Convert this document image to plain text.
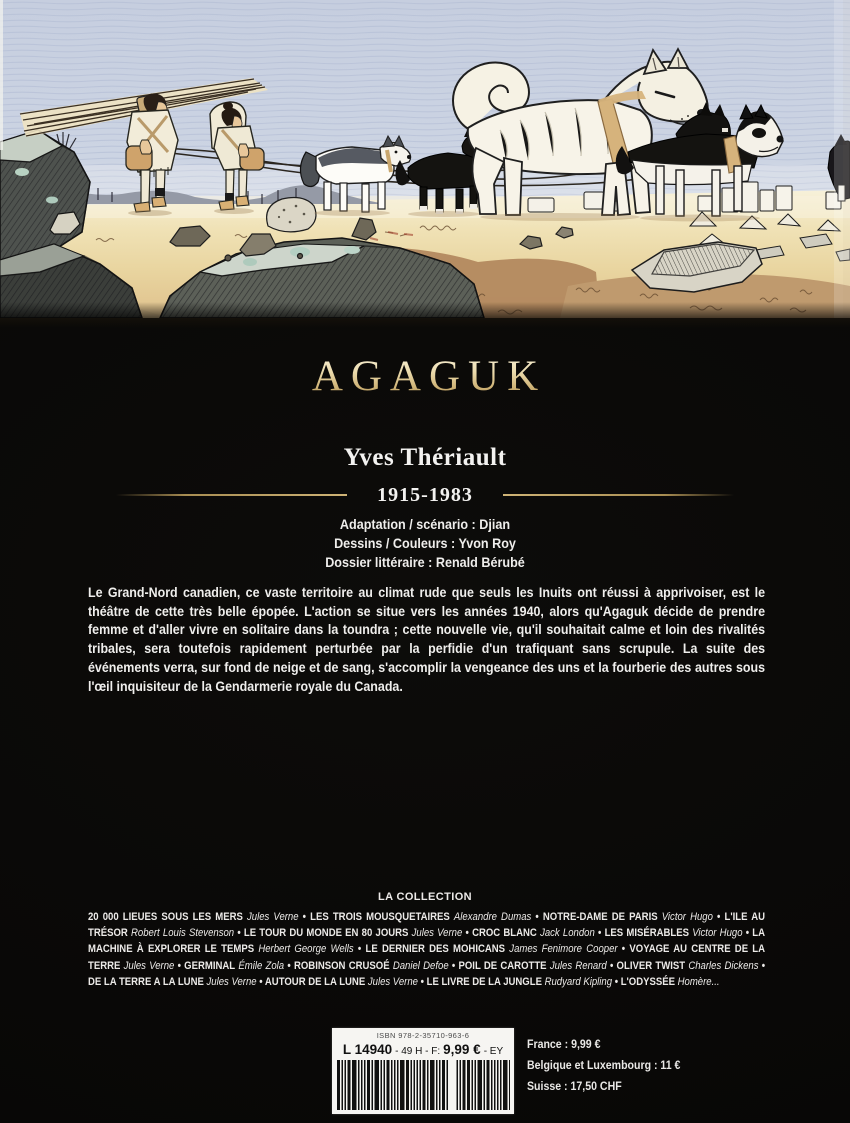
AGAGUK
Yves Thériault
1915-1983
Adaptation / scénario : Djian
Dessins / Couleurs : Yvon Roy
Dossier littéraire : Renald Bérubé
Le Grand-Nord canadien, ce vaste territoire au climat rude que seuls les Inuits ont réussi à apprivoiser, est le théâtre de cette très belle épopée. L'action se situe vers les années 1940, alors qu'Agaguk décide de prendre femme et d'aller vivre en solitaire dans la toundra ; cette nouvelle vie, qu'il souhaitait calme et loin des rivalités tribales, sera toutefois rapidement perturbée par la perfidie d'un trafiquant sans scrupule. La suite des événements verra, sur fond de neige et de sang, s'accomplir la vengeance des uns et la fourberie des autres sous l'œil inquisiteur de la Gendarmerie royale du Canada.
LA COLLECTION
20 000 LIEUES SOUS LES MERS Jules Verne • LES TROIS MOUSQUETAIRES Alexandre Dumas • NOTRE-DAME DE PARIS Victor Hugo • L'ILE AU TRÉSOR Robert Louis Stevenson • LE TOUR DU MONDE EN 80 JOURS Jules Verne • CROC BLANC Jack London • LES MISÉRABLES Victor Hugo • LA MACHINE À EXPLORER LE TEMPS Herbert George Wells • LE DERNIER DES MOHICANS James Fenimore Cooper • VOYAGE AU CENTRE DE LA TERRE Jules Verne • GERMINAL Émile Zola • ROBINSON CRUSOÉ Daniel Defoe • POIL DE CAROTTE Jules Renard • OLIVER TWIST Charles Dickens • DE LA TERRE A LA LUNE Jules Verne • AUTOUR DE LA LUNE Jules Verne • LE LIVRE DE LA JUNGLE Rudyard Kipling • L'ODYSSÉE Homère...
ISBN 978-2-35710-963-6
L 14940 - 49 H - F: 9,99 € - EY
France : 9,99 €
Belgique et Luxembourg : 11 €
Suisse : 17,50 CHF
